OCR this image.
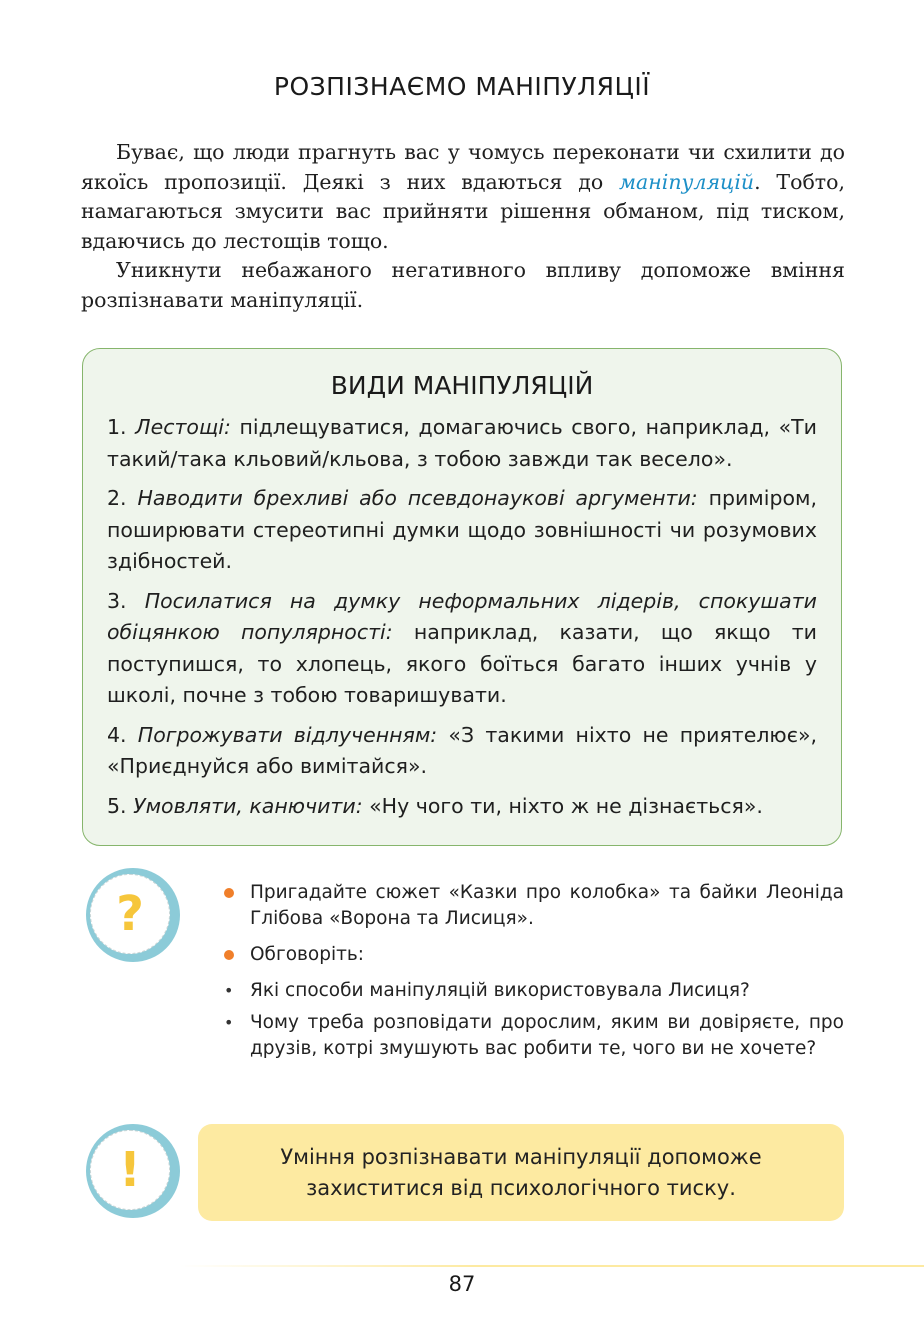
РОЗПІЗНАЄМО МАНІПУЛЯЦІЇ

Буває, що люди прагнуть вас у чомусь переконати чи схилити до якоїсь пропозиції. Деякі з них вдаються до маніпуляцій. Тобто, намагаються змусити вас прийняти рішення обманом, під тиском, вдаючись до лестощів тощо.

Уникнути небажаного негативного впливу допоможе вміння розпізнавати маніпуляції.

ВИДИ МАНІПУЛЯЦІЙ
1. Лестощі: підлещуватися, домагаючись свого, наприклад, «Ти такий/така кльовий/кльова, з тобою завжди так весело».
2. Наводити брехливі або псевдонаукові аргументи: приміром, поширювати стереотипні думки щодо зовнішності чи розумових здібностей.
3. Посилатися на думку неформальних лідерів, спокушати обіцянкою популярності: наприклад, казати, що якщо ти поступишся, то хлопець, якого боїться багато інших учнів у школі, почне з тобою товаришувати.
4. Погрожувати відлученням: «З такими ніхто не приятелює», «Приєднуйся або вимітайся».
5. Умовляти, канючити: «Ну чого ти, ніхто ж не дізнається».
?	Пригадайте сюжет «Казки про колобка» та байки Леоніда Глібова «Ворона та Лисиця».
Обговоріть:
• Які способи маніпуляцій використовувала Лисиця?
• Чому треба розповідати дорослим, яким ви довіряєте, про друзів, котрі змушують вас робити те, чого ви не хочете?
!	Уміння розпізнавати маніпуляції допоможе захиститися від психологічного тиску.
87
